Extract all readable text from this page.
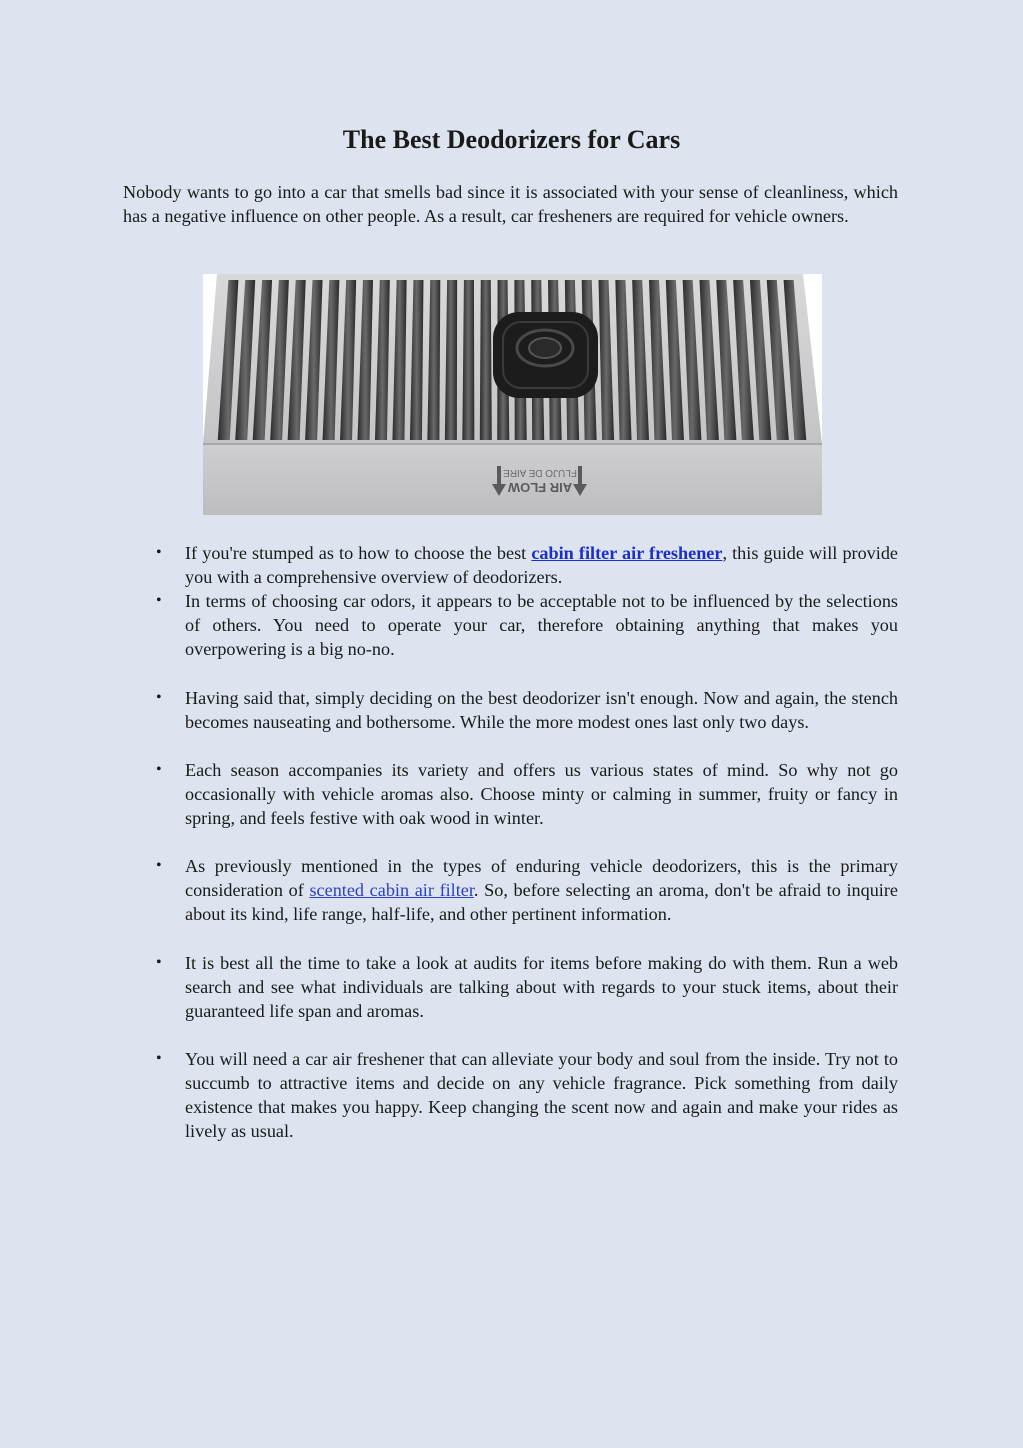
The Best Deodorizers for Cars

Nobody wants to go into a car that smells bad since it is associated with your sense of cleanliness, which has a negative influence on other people. As a result, car fresheners are required for vehicle owners.

AIR FLOW
FLUJO DE AIRE
• If you're stumped as to how to choose the best cabin filter air freshener, this guide will provide you with a comprehensive overview of deodorizers.
• In terms of choosing car odors, it appears to be acceptable not to be influenced by the selections of others. You need to operate your car, therefore obtaining anything that makes you overpowering is a big no-no.
• Having said that, simply deciding on the best deodorizer isn't enough. Now and again, the stench becomes nauseating and bothersome. While the more modest ones last only two days.
• Each season accompanies its variety and offers us various states of mind. So why not go occasionally with vehicle aromas also. Choose minty or calming in summer, fruity or fancy in spring, and feels festive with oak wood in winter.
• As previously mentioned in the types of enduring vehicle deodorizers, this is the primary consideration of scented cabin air filter. So, before selecting an aroma, don't be afraid to inquire about its kind, life range, half-life, and other pertinent information.
• It is best all the time to take a look at audits for items before making do with them. Run a web search and see what individuals are talking about with regards to your stuck items, about their guaranteed life span and aromas.
• You will need a car air freshener that can alleviate your body and soul from the inside. Try not to succumb to attractive items and decide on any vehicle fragrance. Pick something from daily existence that makes you happy. Keep changing the scent now and again and make your rides as lively as usual.
